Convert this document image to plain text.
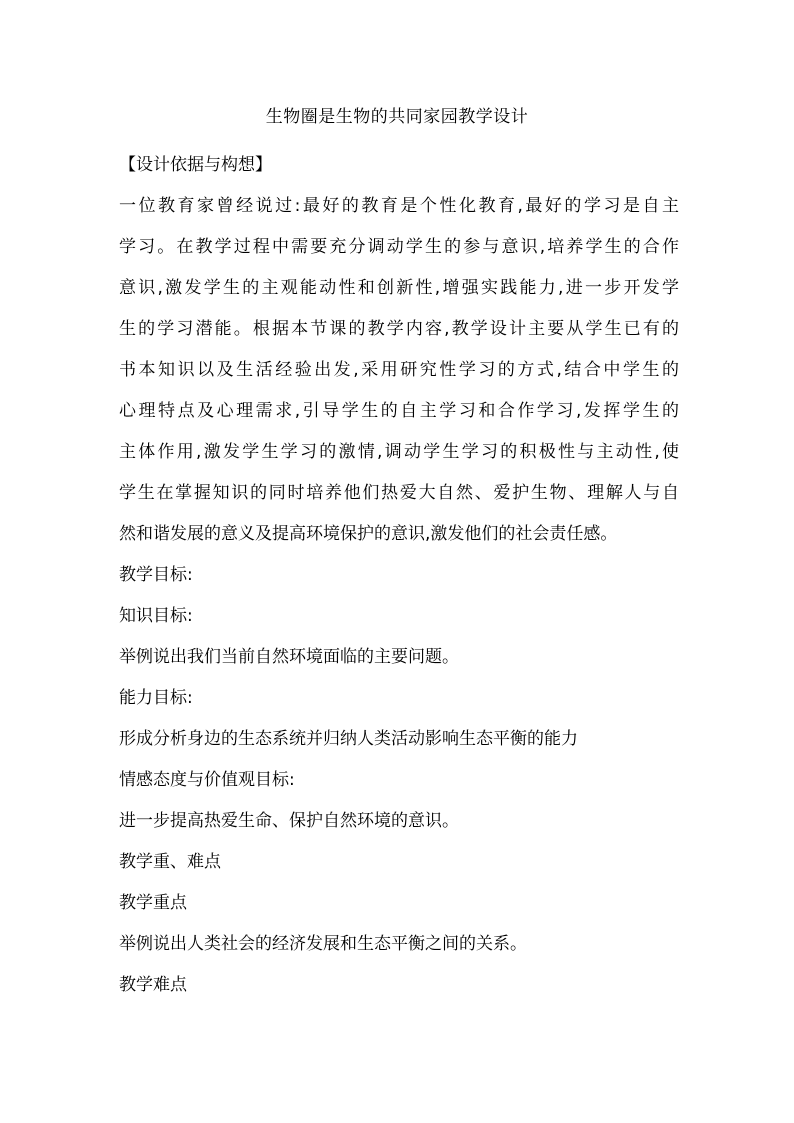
生物圈是生物的共同家园教学设计

【设计依据与构想】

一位教育家曾经说过:最好的教育是个性化教育,最好的学习是自主
学习。在教学过程中需要充分调动学生的参与意识,培养学生的合作
意识,激发学生的主观能动性和创新性,增强实践能力,进一步开发学
生的学习潜能。根据本节课的教学内容,教学设计主要从学生已有的
书本知识以及生活经验出发,采用研究性学习的方式,结合中学生的
心理特点及心理需求,引导学生的自主学习和合作学习,发挥学生的
主体作用,激发学生学习的激情,调动学生学习的积极性与主动性,使
学生在掌握知识的同时培养他们热爱大自然、爱护生物、理解人与自
然和谐发展的意义及提高环境保护的意识,激发他们的社会责任感。

教学目标:

知识目标:

举例说出我们当前自然环境面临的主要问题。

能力目标:

形成分析身边的生态系统并归纳人类活动影响生态平衡的能力

情感态度与价值观目标:

进一步提高热爱生命、保护自然环境的意识。

教学重、难点

教学重点

举例说出人类社会的经济发展和生态平衡之间的关系。

教学难点
